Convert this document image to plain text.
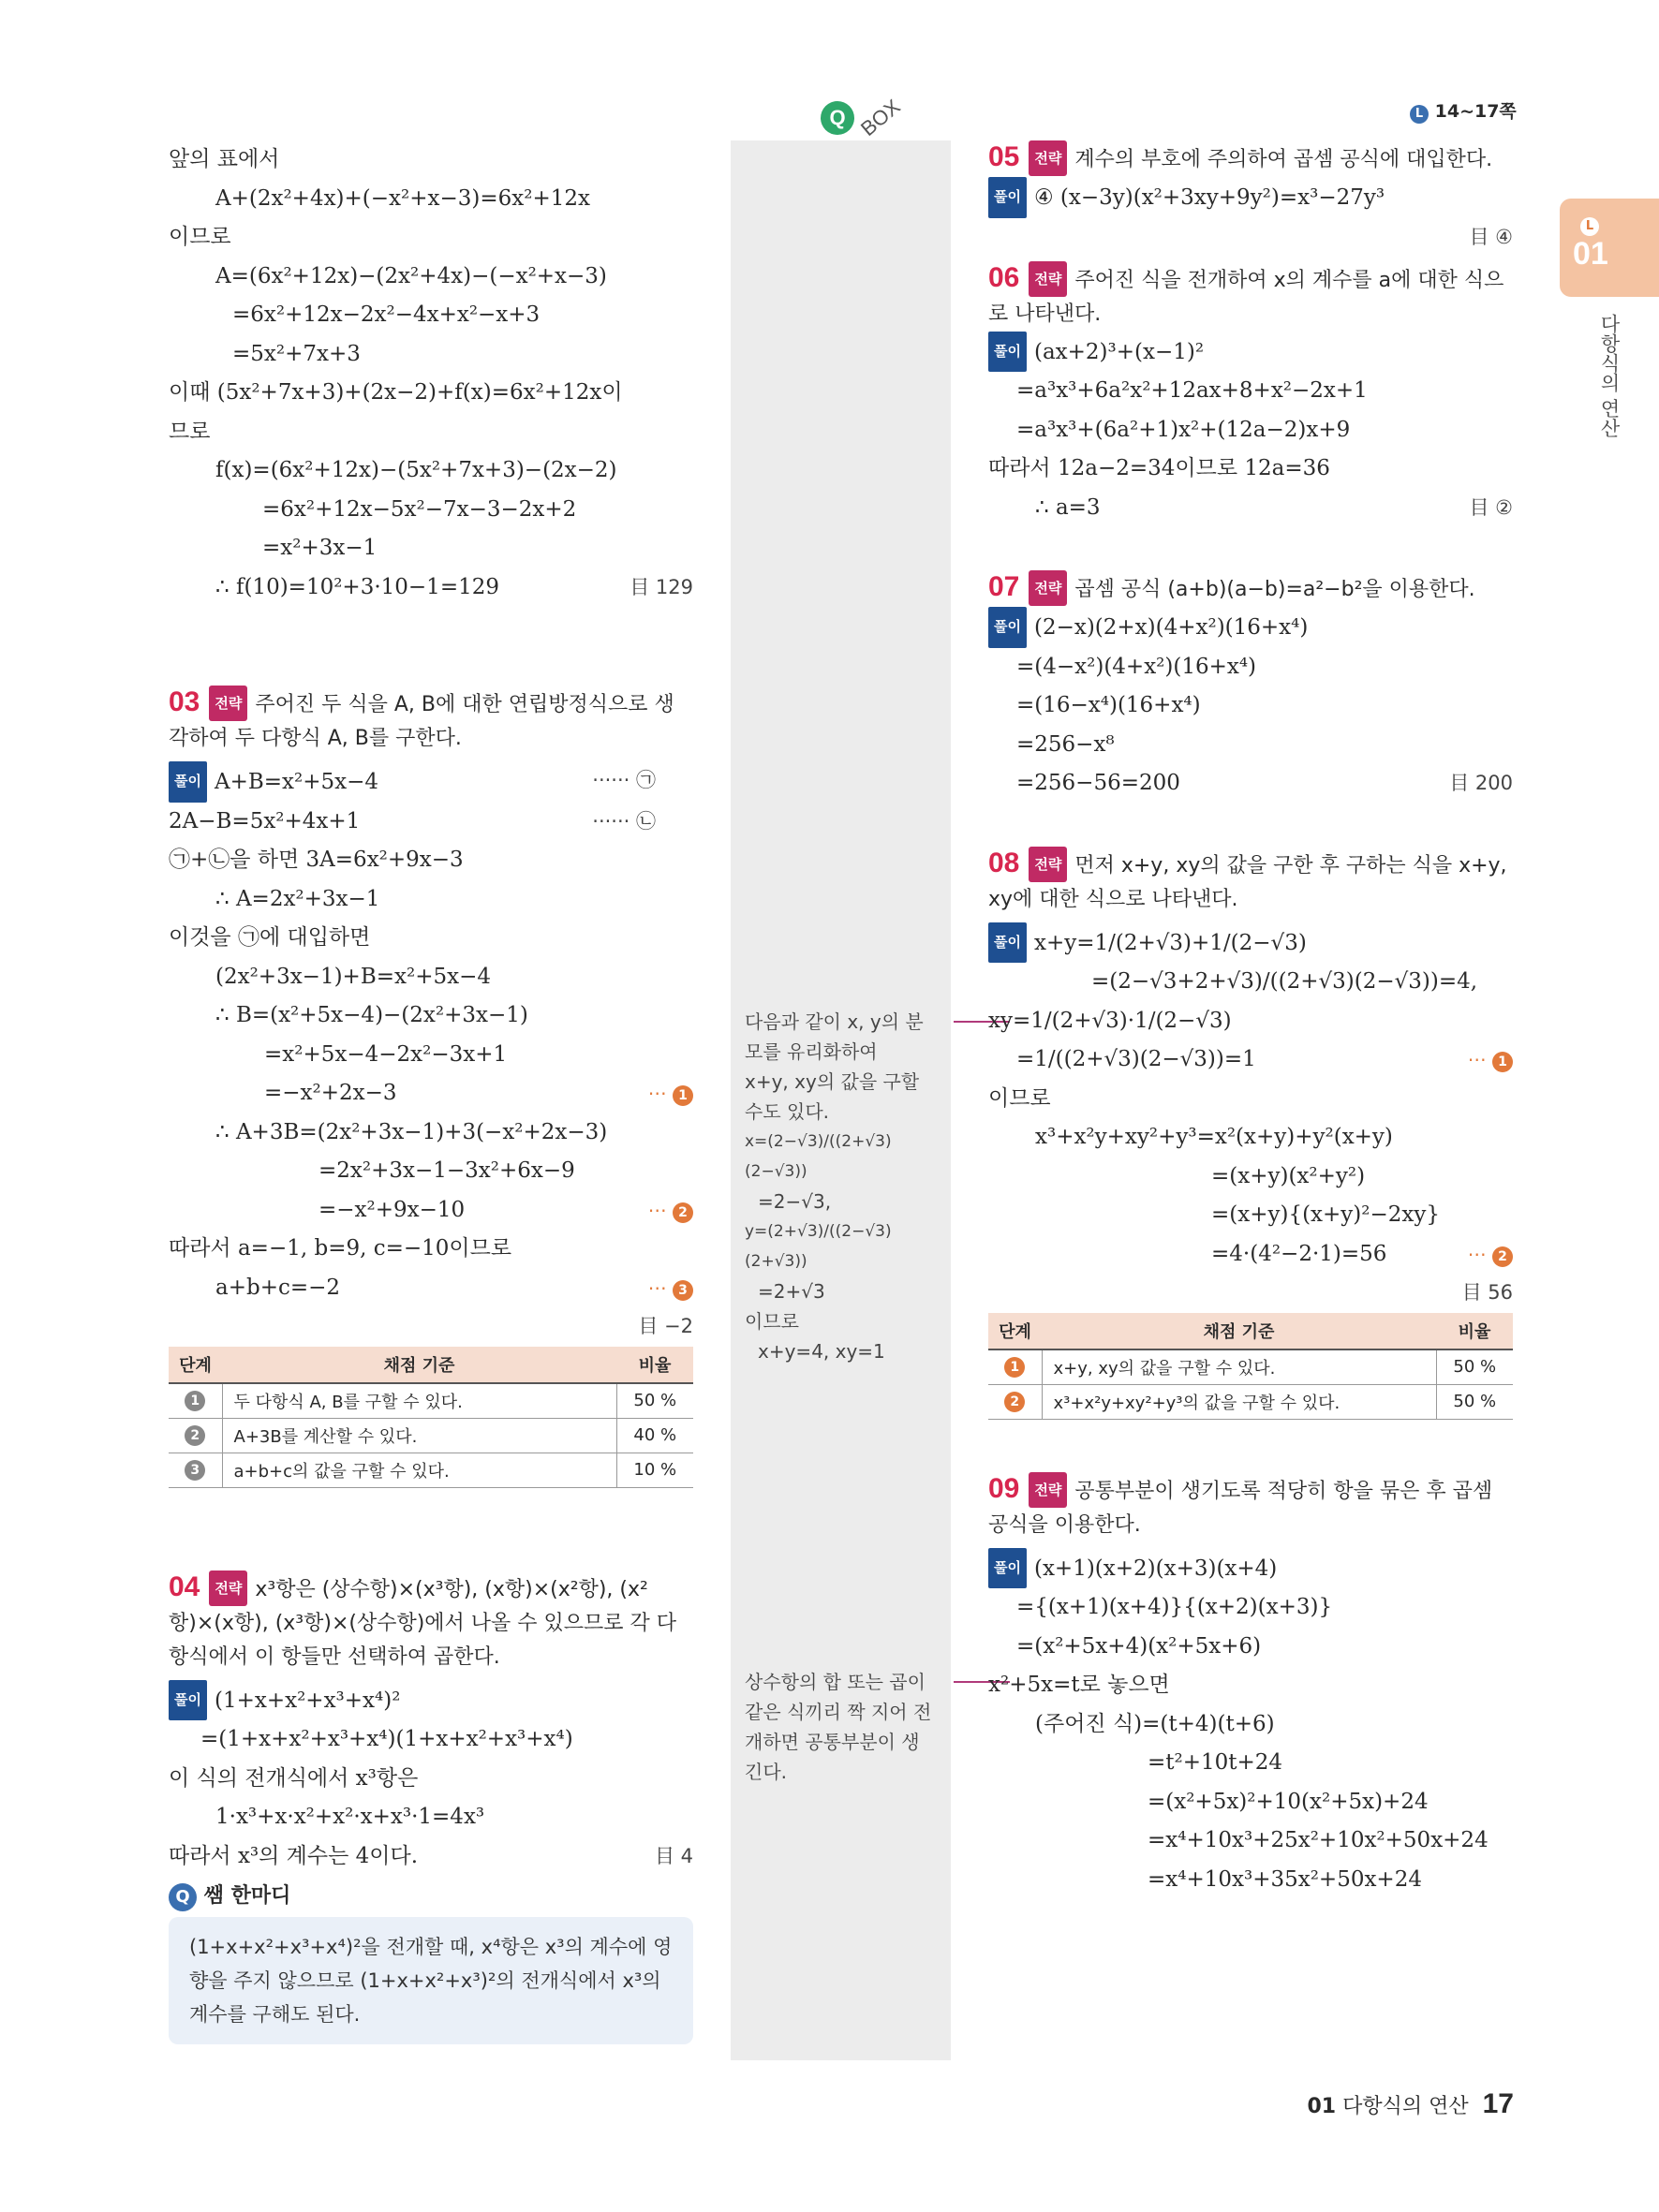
L 14~17쪽
L
01
다항식의 연산
Q BOX
다음과 같이 x, y의 분
모를 유리화하여
x+y, xy의 값을 구할
수도 있다.
x=(2−√3)/((2+√3)(2−√3))
=2−√3,
y=(2+√3)/((2−√3)(2+√3))
=2+√3
이므로
x+y=4, xy=1
상수항의 합 또는 곱이
같은 식끼리 짝 지어 전
개하면 공통부분이 생
긴다.
앞의 표에서
A+(2x²+4x)+(−x²+x−3)=6x²+12x
이므로
A=(6x²+12x)−(2x²+4x)−(−x²+x−3)
=6x²+12x−2x²−4x+x²−x+3
=5x²+7x+3
이때 (5x²+7x+3)+(2x−2)+f(x)=6x²+12x이
므로
f(x)=(6x²+12x)−(5x²+7x+3)−(2x−2)
=6x²+12x−5x²−7x−3−2x+2
=x²+3x−1
∴ f(10)=10²+3·10−1=129	目 129
03 전략 주어진 두 식을 A, B에 대한 연립방정식으로 생각하여 두 다항식 A, B를 구한다.
풀이 A+B=x²+5x−4	······ ㉠
2A−B=5x²+4x+1	······ ㉡
㉠+㉡을 하면 3A=6x²+9x−3
∴ A=2x²+3x−1
이것을 ㉠에 대입하면
(2x²+3x−1)+B=x²+5x−4
∴ B=(x²+5x−4)−(2x²+3x−1)
=x²+5x−4−2x²−3x+1
=−x²+2x−3	⋯ 1
∴ A+3B=(2x²+3x−1)+3(−x²+2x−3)
=2x²+3x−1−3x²+6x−9
=−x²+9x−10	⋯ 2
따라서 a=−1, b=9, c=−10이므로
a+b+c=−2	⋯ 3
目 −2
단계	채점 기준	비율
1	두 다항식 A, B를 구할 수 있다.	50 %
2	A+3B를 계산할 수 있다.	40 %
3	a+b+c의 값을 구할 수 있다.	10 %
04 전략 x³항은 (상수항)×(x³항), (x항)×(x²항), (x²항)×(x항), (x³항)×(상수항)에서 나올 수 있으므로 각 다항식에서 이 항들만 선택하여 곱한다.
풀이 (1+x+x²+x³+x⁴)²
=(1+x+x²+x³+x⁴)(1+x+x²+x³+x⁴)
이 식의 전개식에서 x³항은
1·x³+x·x²+x²·x+x³·1=4x³
따라서 x³의 계수는 4이다.	目 4
Q 쌤 한마디
(1+x+x²+x³+x⁴)²을 전개할 때, x⁴항은 x³의 계수에 영향을 주지 않으므로 (1+x+x²+x³)²의 전개식에서 x³의 계수를 구해도 된다.
05 전략 계수의 부호에 주의하여 곱셈 공식에 대입한다.
풀이 ④ (x−3y)(x²+3xy+9y²)=x³−27y³
目 ④
06 전략 주어진 식을 전개하여 x의 계수를 a에 대한 식으로 나타낸다.
풀이 (ax+2)³+(x−1)²
=a³x³+6a²x²+12ax+8+x²−2x+1
=a³x³+(6a²+1)x²+(12a−2)x+9
따라서 12a−2=34이므로 12a=36
∴ a=3	目 ②
07 전략 곱셈 공식 (a+b)(a−b)=a²−b²을 이용한다.
풀이 (2−x)(2+x)(4+x²)(16+x⁴)
=(4−x²)(4+x²)(16+x⁴)
=(16−x⁴)(16+x⁴)
=256−x⁸
=256−56=200	目 200
08 전략 먼저 x+y, xy의 값을 구한 후 구하는 식을 x+y, xy에 대한 식으로 나타낸다.
풀이 x+y=1/(2+√3)+1/(2−√3)
=(2−√3+2+√3)/((2+√3)(2−√3))=4,
xy=1/(2+√3)·1/(2−√3)
=1/((2+√3)(2−√3))=1	⋯ 1
이므로
x³+x²y+xy²+y³=x²(x+y)+y²(x+y)
=(x+y)(x²+y²)
=(x+y){(x+y)²−2xy}
=4·(4²−2·1)=56	⋯ 2
目 56
단계	채점 기준	비율
1	x+y, xy의 값을 구할 수 있다.	50 %
2	x³+x²y+xy²+y³의 값을 구할 수 있다.	50 %
09 전략 공통부분이 생기도록 적당히 항을 묶은 후 곱셈 공식을 이용한다.
풀이 (x+1)(x+2)(x+3)(x+4)
={(x+1)(x+4)}{(x+2)(x+3)}
=(x²+5x+4)(x²+5x+6)
x²+5x=t로 놓으면
(주어진 식)=(t+4)(t+6)
=t²+10t+24
=(x²+5x)²+10(x²+5x)+24
=x⁴+10x³+25x²+10x²+50x+24
=x⁴+10x³+35x²+50x+24
01 다항식의 연산 17
